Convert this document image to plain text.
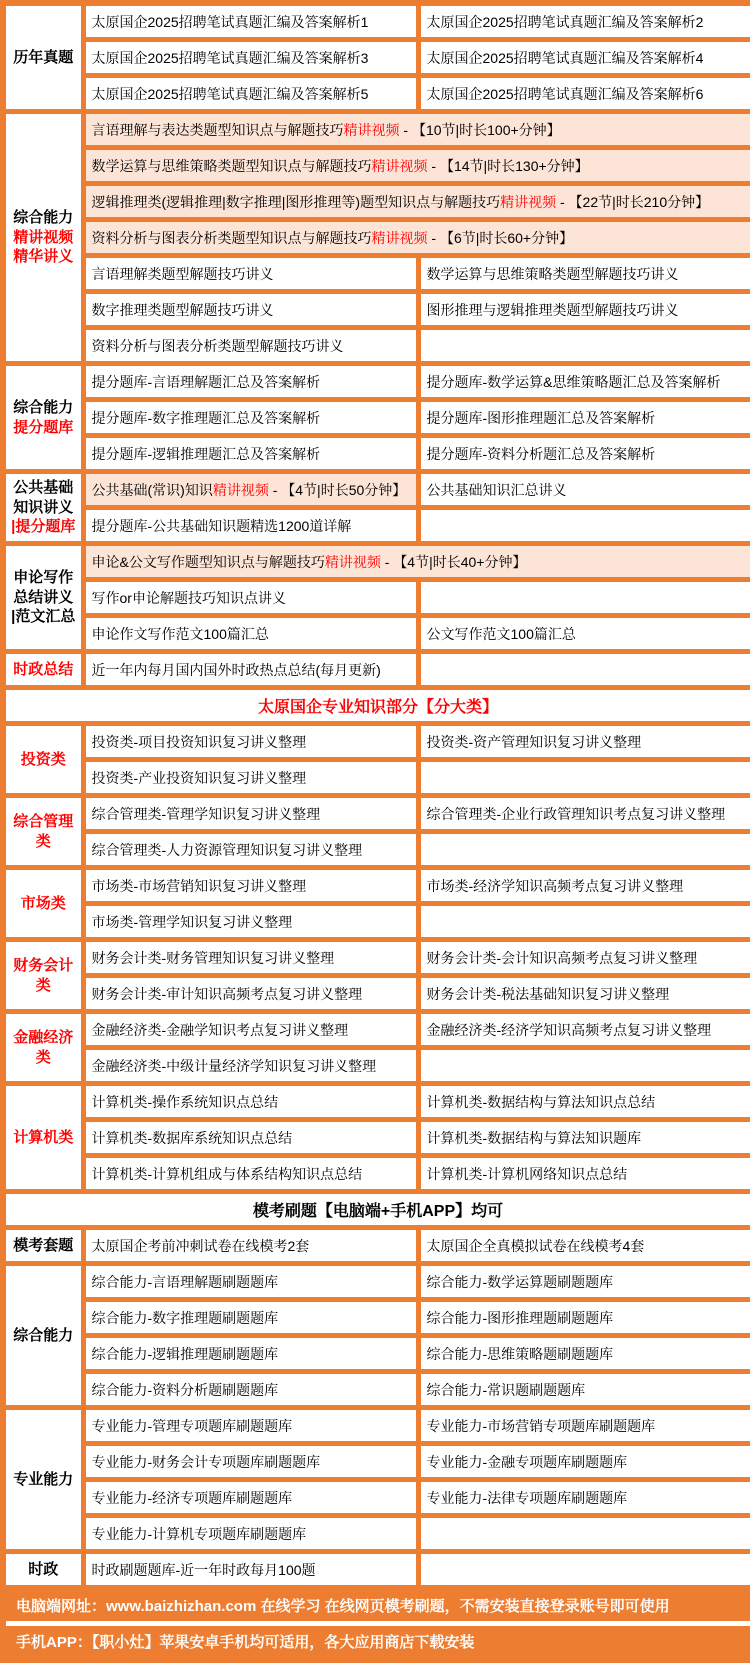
历年真题	太原国企2025招聘笔试真题汇编及答案解析1	太原国企2025招聘笔试真题汇编及答案解析2
	太原国企2025招聘笔试真题汇编及答案解析3	太原国企2025招聘笔试真题汇编及答案解析4
	太原国企2025招聘笔试真题汇编及答案解析5	太原国企2025招聘笔试真题汇编及答案解析6

综合能力
精讲视频
精华讲义	言语理解与表达类题型知识点与解题技巧精讲视频 - 【10节|时长100+分钟】	
	数学运算与思维策略类题型知识点与解题技巧精讲视频 - 【14节|时长130+分钟】	
	逻辑推理类(逻辑推理|数字推理|图形推理等)题型知识点与解题技巧精讲视频 - 【22节|时长210分钟】	
	资料分析与图表分析类题型知识点与解题技巧精讲视频 - 【6节|时长60+分钟】	
	言语理解类题型解题技巧讲义	数学运算与思维策略类题型解题技巧讲义
	数字推理类题型解题技巧讲义	图形推理与逻辑推理类题型解题技巧讲义
	资料分析与图表分析类题型解题技巧讲义	

综合能力
提分题库	提分题库-言语理解题汇总及答案解析	提分题库-数学运算&思维策略题汇总及答案解析
	提分题库-数字推理题汇总及答案解析	提分题库-图形推理题汇总及答案解析
	提分题库-逻辑推理题汇总及答案解析	提分题库-资料分析题汇总及答案解析

公共基础
知识讲义
|提分题库	公共基础(常识)知识精讲视频 - 【4节|时长50分钟】	公共基础知识汇总讲义
	提分题库-公共基础知识题精选1200道详解	

申论写作
总结讲义
|范文汇总	申论&公文写作题型知识点与解题技巧精讲视频 - 【4节|时长40+分钟】	
	写作or申论解题技巧知识点讲义	
	申论作文写作范文100篇汇总	公文写作范文100篇汇总

时政总结	近一年内每月国内国外时政热点总结(每月更新)	
太原国企专业知识部分【分大类】		

投资类	投资类-项目投资知识复习讲义整理	投资类-资产管理知识复习讲义整理
	投资类-产业投资知识复习讲义整理	

综合管理
类	综合管理类-管理学知识复习讲义整理	综合管理类-企业行政管理知识考点复习讲义整理
	综合管理类-人力资源管理知识复习讲义整理	

市场类	市场类-市场营销知识复习讲义整理	市场类-经济学知识高频考点复习讲义整理
	市场类-管理学知识复习讲义整理	

财务会计
类	财务会计类-财务管理知识复习讲义整理	财务会计类-会计知识高频考点复习讲义整理
	财务会计类-审计知识高频考点复习讲义整理	财务会计类-税法基础知识复习讲义整理

金融经济
类	金融经济类-金融学知识考点复习讲义整理	金融经济类-经济学知识高频考点复习讲义整理
	金融经济类-中级计量经济学知识复习讲义整理	

计算机类	计算机类-操作系统知识点总结	计算机类-数据结构与算法知识点总结
	计算机类-数据库系统知识点总结	计算机类-数据结构与算法知识题库
	计算机类-计算机组成与体系结构知识点总结	计算机类-计算机网络知识点总结
模考刷题【电脑端+手机APP】均可		

模考套题	太原国企考前冲刺试卷在线模考2套	太原国企全真模拟试卷在线模考4套

综合能力	综合能力-言语理解题刷题题库	综合能力-数学运算题刷题题库
	综合能力-数字推理题刷题题库	综合能力-图形推理题刷题题库
	综合能力-逻辑推理题刷题题库	综合能力-思维策略题刷题题库
	综合能力-资料分析题刷题题库	综合能力-常识题刷题题库

专业能力	专业能力-管理专项题库刷题题库	专业能力-市场营销专项题库刷题题库
	专业能力-财务会计专项题库刷题题库	专业能力-金融专项题库刷题题库
	专业能力-经济专项题库刷题题库	专业能力-法律专项题库刷题题库
	专业能力-计算机专项题库刷题题库	

时政	时政刷题题库-近一年时政每月100题	
电脑端网址：www.baizhizhan.com 在线学习 在线网页模考刷题，不需安装直接登录账号即可使用		
手机APP：【职小灶】苹果安卓手机均可适用，各大应用商店下载安装		
